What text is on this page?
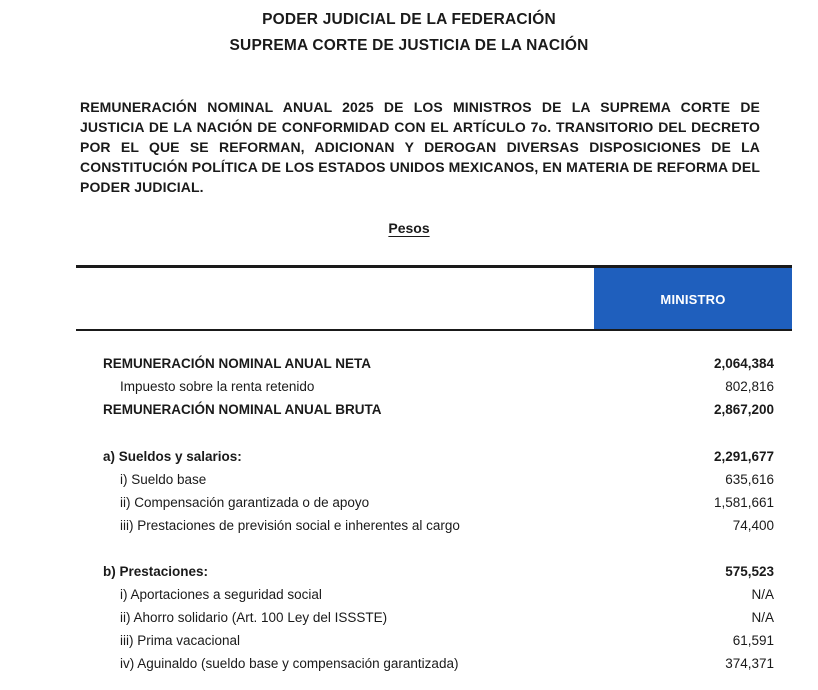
PODER JUDICIAL DE LA FEDERACIÓN
SUPREMA CORTE DE JUSTICIA DE LA NACIÓN
REMUNERACIÓN NOMINAL ANUAL 2025 DE LOS MINISTROS DE LA SUPREMA CORTE DE JUSTICIA DE LA NACIÓN DE CONFORMIDAD CON EL ARTÍCULO 7o. TRANSITORIO DEL DECRETO POR EL QUE SE REFORMAN, ADICIONAN Y DEROGAN DIVERSAS DISPOSICIONES DE LA CONSTITUCIÓN POLÍTICA DE LOS ESTADOS UNIDOS MEXICANOS, EN MATERIA DE REFORMA DEL PODER JUDICIAL.
Pesos
MINISTRO
REMUNERACIÓN NOMINAL ANUAL NETA	2,064,384
Impuesto sobre la renta retenido	802,816
REMUNERACIÓN NOMINAL ANUAL BRUTA	2,867,200
a) Sueldos y salarios:	2,291,677
i) Sueldo base	635,616
ii) Compensación garantizada o de apoyo	1,581,661
iii) Prestaciones de previsión social e inherentes al cargo	74,400
b) Prestaciones:	575,523
i) Aportaciones a seguridad social	N/A
ii) Ahorro solidario (Art. 100 Ley del ISSSTE)	N/A
iii) Prima vacacional	61,591
iv) Aguinaldo (sueldo base y compensación garantizada)	374,371
